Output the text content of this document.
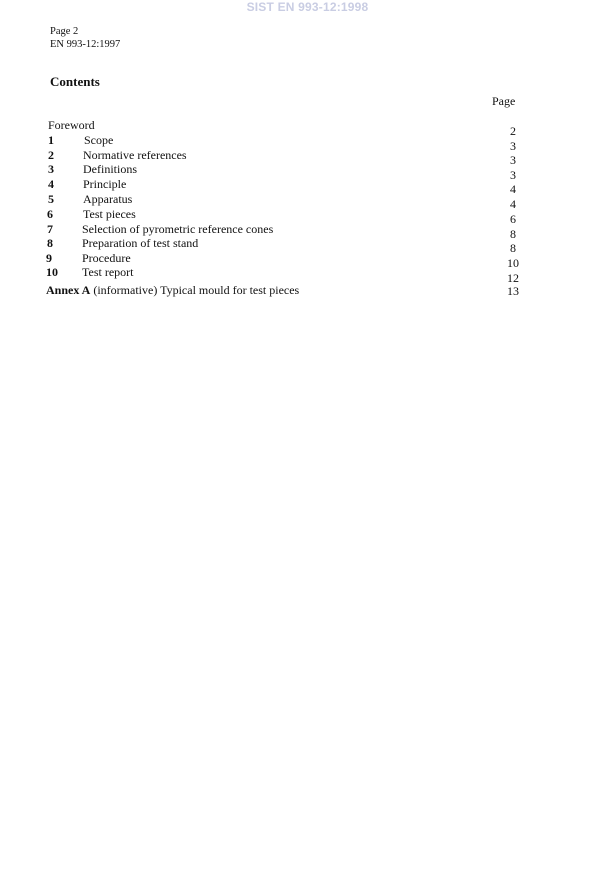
SIST EN 993-12:1998
Page 2
EN 993-12:1997
Contents
Page
Foreword	2
1	Scope	3
2 Normative references	3
3 Definitions	3
4 Principle	4
5 Apparatus	4
6	Test pieces	6
7 Selection of pyrometric reference cones	8
8 Preparation of test stand	8
9	Procedure	10
10 Test report	12
Annex A (informative) Typical mould for test pieces	13
